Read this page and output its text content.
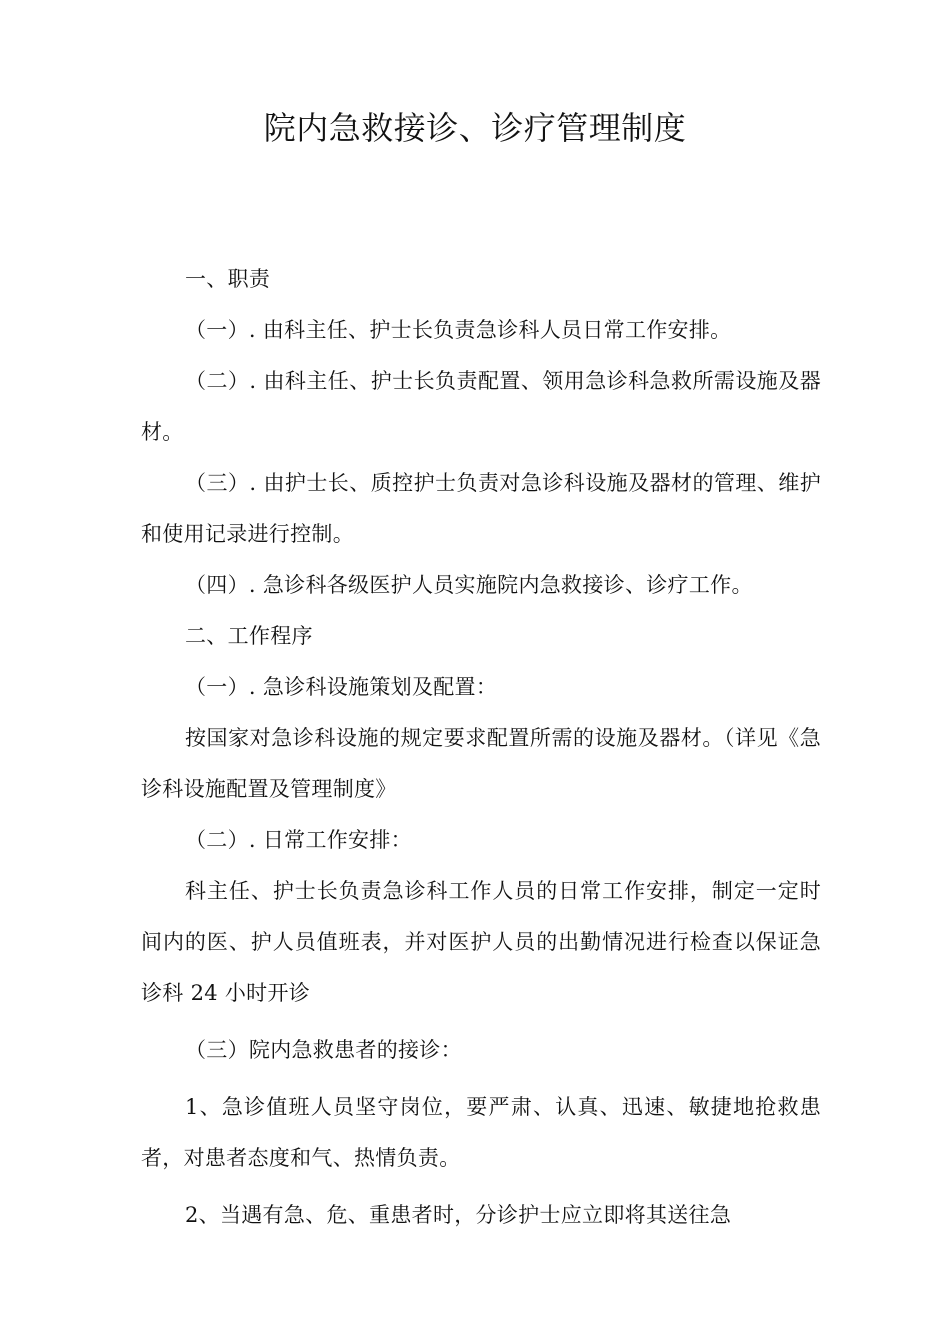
院内急救接诊、诊疗管理制度

一、职责

（一）. 由科主任、护士长负责急诊科人员日常工作安排。

（二）. 由科主任、护士长负责配置、领用急诊科急救所需设施及器材。

（三）. 由护士长、质控护士负责对急诊科设施及器材的管理、维护和使用记录进行控制。

（四）. 急诊科各级医护人员实施院内急救接诊、诊疗工作。

二、工作程序

（一）. 急诊科设施策划及配置：

按国家对急诊科设施的规定要求配置所需的设施及器材。（详见《急诊科设施配置及管理制度》

（二）. 日常工作安排：

科主任、护士长负责急诊科工作人员的日常工作安排，制定一定时间内的医、护人员值班表，并对医护人员的出勤情况进行检查以保证急诊科 24 小时开诊

（三）院内急救患者的接诊：

1、急诊值班人员坚守岗位，要严肃、认真、迅速、敏捷地抢救患者，对患者态度和气、热情负责。

2、当遇有急、危、重患者时，分诊护士应立即将其送往急
